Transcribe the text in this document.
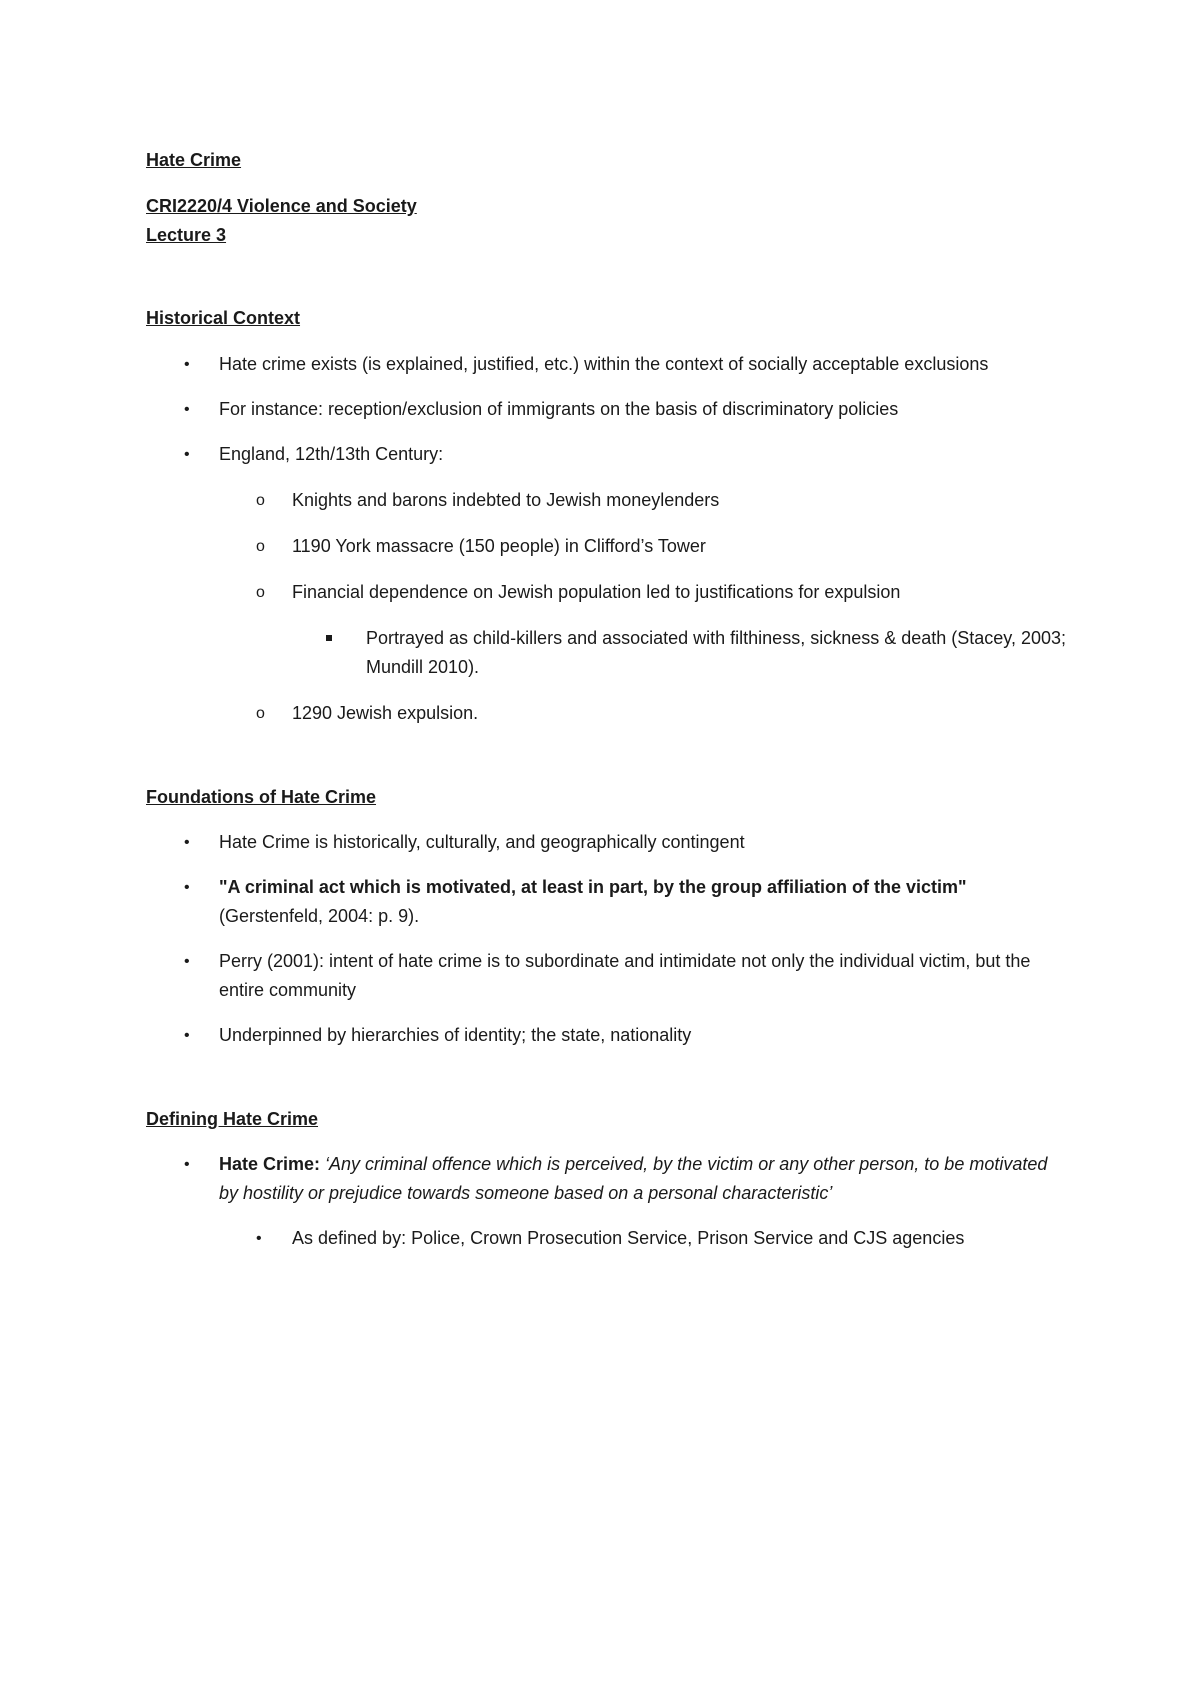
Hate Crime

CRI2220/4 Violence and Society

Lecture 3

Historical Context

• Hate crime exists (is explained, justified, etc.) within the context of socially acceptable exclusions
• For instance: reception/exclusion of immigrants on the basis of discriminatory policies
• England, 12th/13th Century:
o Knights and barons indebted to Jewish moneylenders
o 1190 York massacre (150 people) in Clifford’s Tower
o Financial dependence on Jewish population led to justifications for expulsion
Portrayed as child-killers and associated with filthiness, sickness & death (Stacey, 2003; Mundill 2010).
o 1290 Jewish expulsion.

Foundations of Hate Crime

• Hate Crime is historically, culturally, and geographically contingent
• "A criminal act which is motivated, at least in part, by the group affiliation of the victim" (Gerstenfeld, 2004: p. 9).
• Perry (2001): intent of hate crime is to subordinate and intimidate not only the individual victim, but the entire community
• Underpinned by hierarchies of identity; the state, nationality

Defining Hate Crime

• Hate Crime: ‘Any criminal offence which is perceived, by the victim or any other person, to be motivated by hostility or prejudice towards someone based on a personal characteristic’
• As defined by: Police, Crown Prosecution Service, Prison Service and CJS agencies
